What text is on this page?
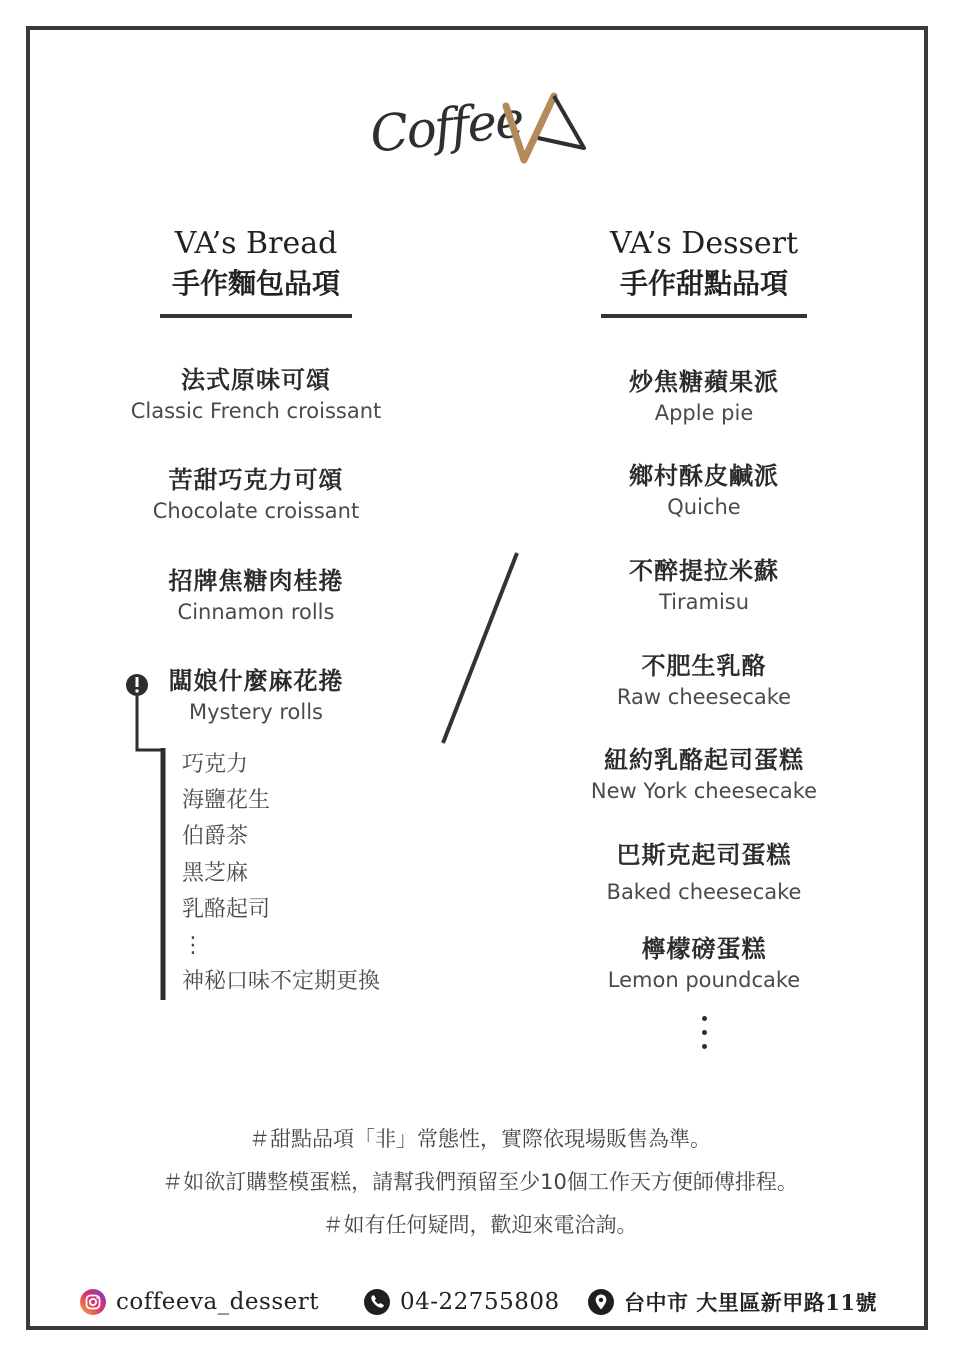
Coffee
VA’s Bread
手作麵包品項
VA’s Dessert
手作甜點品項
法式原味可頌
Classic French croissant
苦甜巧克力可頌
Chocolate croissant
招牌焦糖肉桂捲
Cinnamon rolls
闆娘什麼麻花捲
Mystery rolls
巧克力
海鹽花生
伯爵茶
黑芝麻
乳酪起司
⋮
神秘口味不定期更換
炒焦糖蘋果派
Apple pie
鄉村酥皮鹹派
Quiche
不醉提拉米蘇
Tiramisu
不肥生乳酪
Raw cheesecake
紐約乳酪起司蛋糕
New York cheesecake
巴斯克起司蛋糕
Baked cheesecake
檸檬磅蛋糕
Lemon poundcake
＃甜點品項「非」常態性，實際依現場販售為準。
＃如欲訂購整模蛋糕，請幫我們預留至少10個工作天方便師傅排程。
＃如有任何疑問，歡迎來電洽詢。
coffeeva_dessert	04-22755808	台中市 大里區新甲路11號
